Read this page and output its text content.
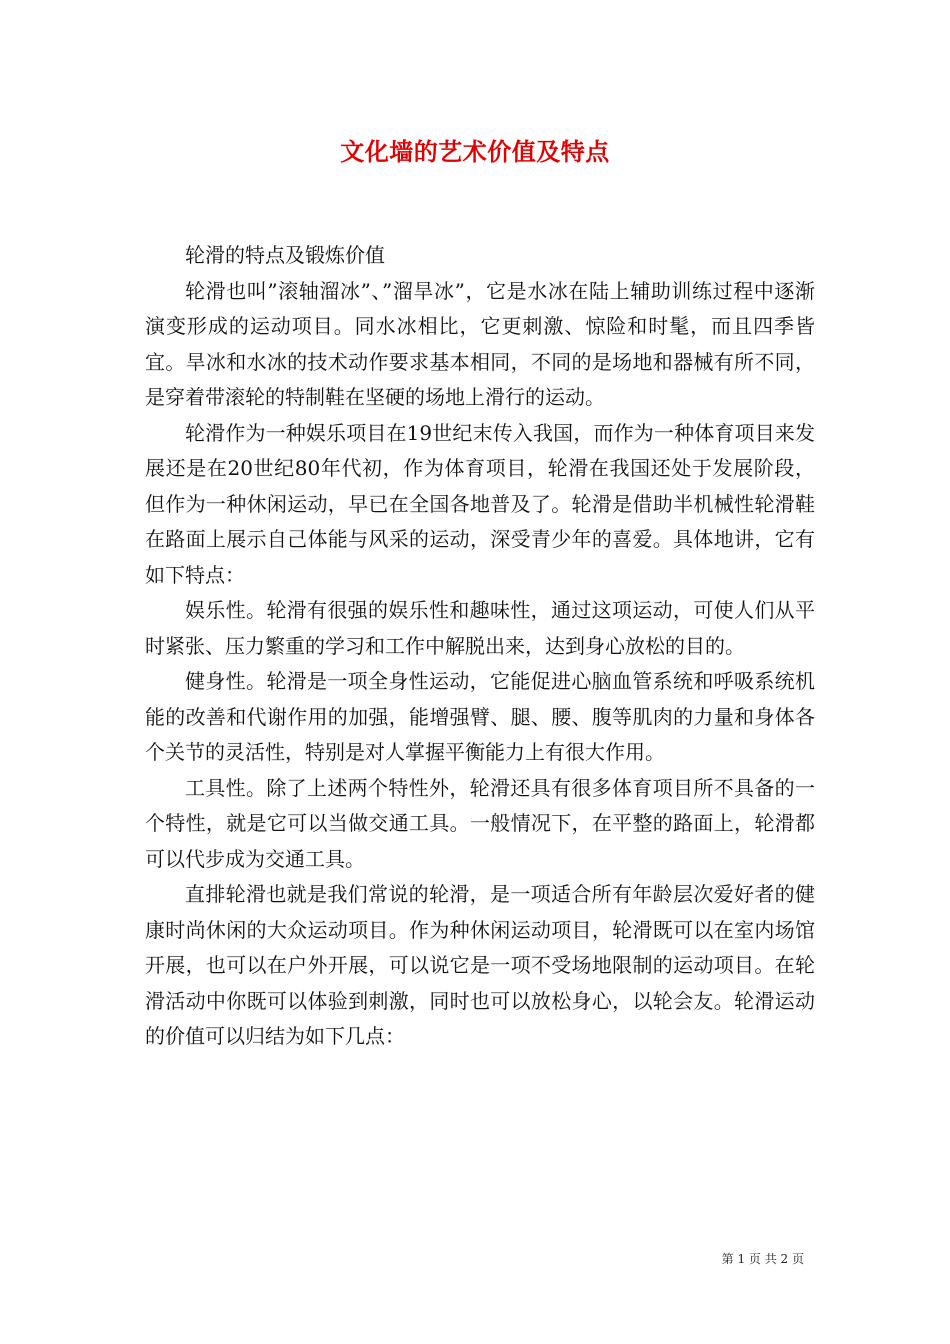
文化墙的艺术价值及特点

轮滑的特点及锻炼价值

轮滑也叫”滚轴溜冰”、”溜旱冰”，它是水冰在陆上辅助训练过程中逐渐演变形成的运动项目。同水冰相比，它更刺激、惊险和时髦，而且四季皆宜。旱冰和水冰的技术动作要求基本相同，不同的是场地和器械有所不同，是穿着带滚轮的特制鞋在坚硬的场地上滑行的运动。

轮滑作为一种娱乐项目在19世纪末传入我国，而作为一种体育项目来发展还是在20世纪80年代初，作为体育项目，轮滑在我国还处于发展阶段，但作为一种休闲运动，早已在全国各地普及了。轮滑是借助半机械性轮滑鞋在路面上展示自己体能与风采的运动，深受青少年的喜爱。具体地讲，它有如下特点：

娱乐性。轮滑有很强的娱乐性和趣味性，通过这项运动，可使人们从平时紧张、压力繁重的学习和工作中解脱出来，达到身心放松的目的。

健身性。轮滑是一项全身性运动，它能促进心脑血管系统和呼吸系统机能的改善和代谢作用的加强，能增强臂、腿、腰、腹等肌肉的力量和身体各个关节的灵活性，特别是对人掌握平衡能力上有很大作用。

工具性。除了上述两个特性外，轮滑还具有很多体育项目所不具备的一个特性，就是它可以当做交通工具。一般情况下，在平整的路面上，轮滑都可以代步成为交通工具。

直排轮滑也就是我们常说的轮滑，是一项适合所有年龄层次爱好者的健康时尚休闲的大众运动项目。作为种休闲运动项目，轮滑既可以在室内场馆开展，也可以在户外开展，可以说它是一项不受场地限制的运动项目。在轮滑活动中你既可以体验到刺激，同时也可以放松身心，以轮会友。轮滑运动的价值可以归结为如下几点：

第 1 页 共 2 页
